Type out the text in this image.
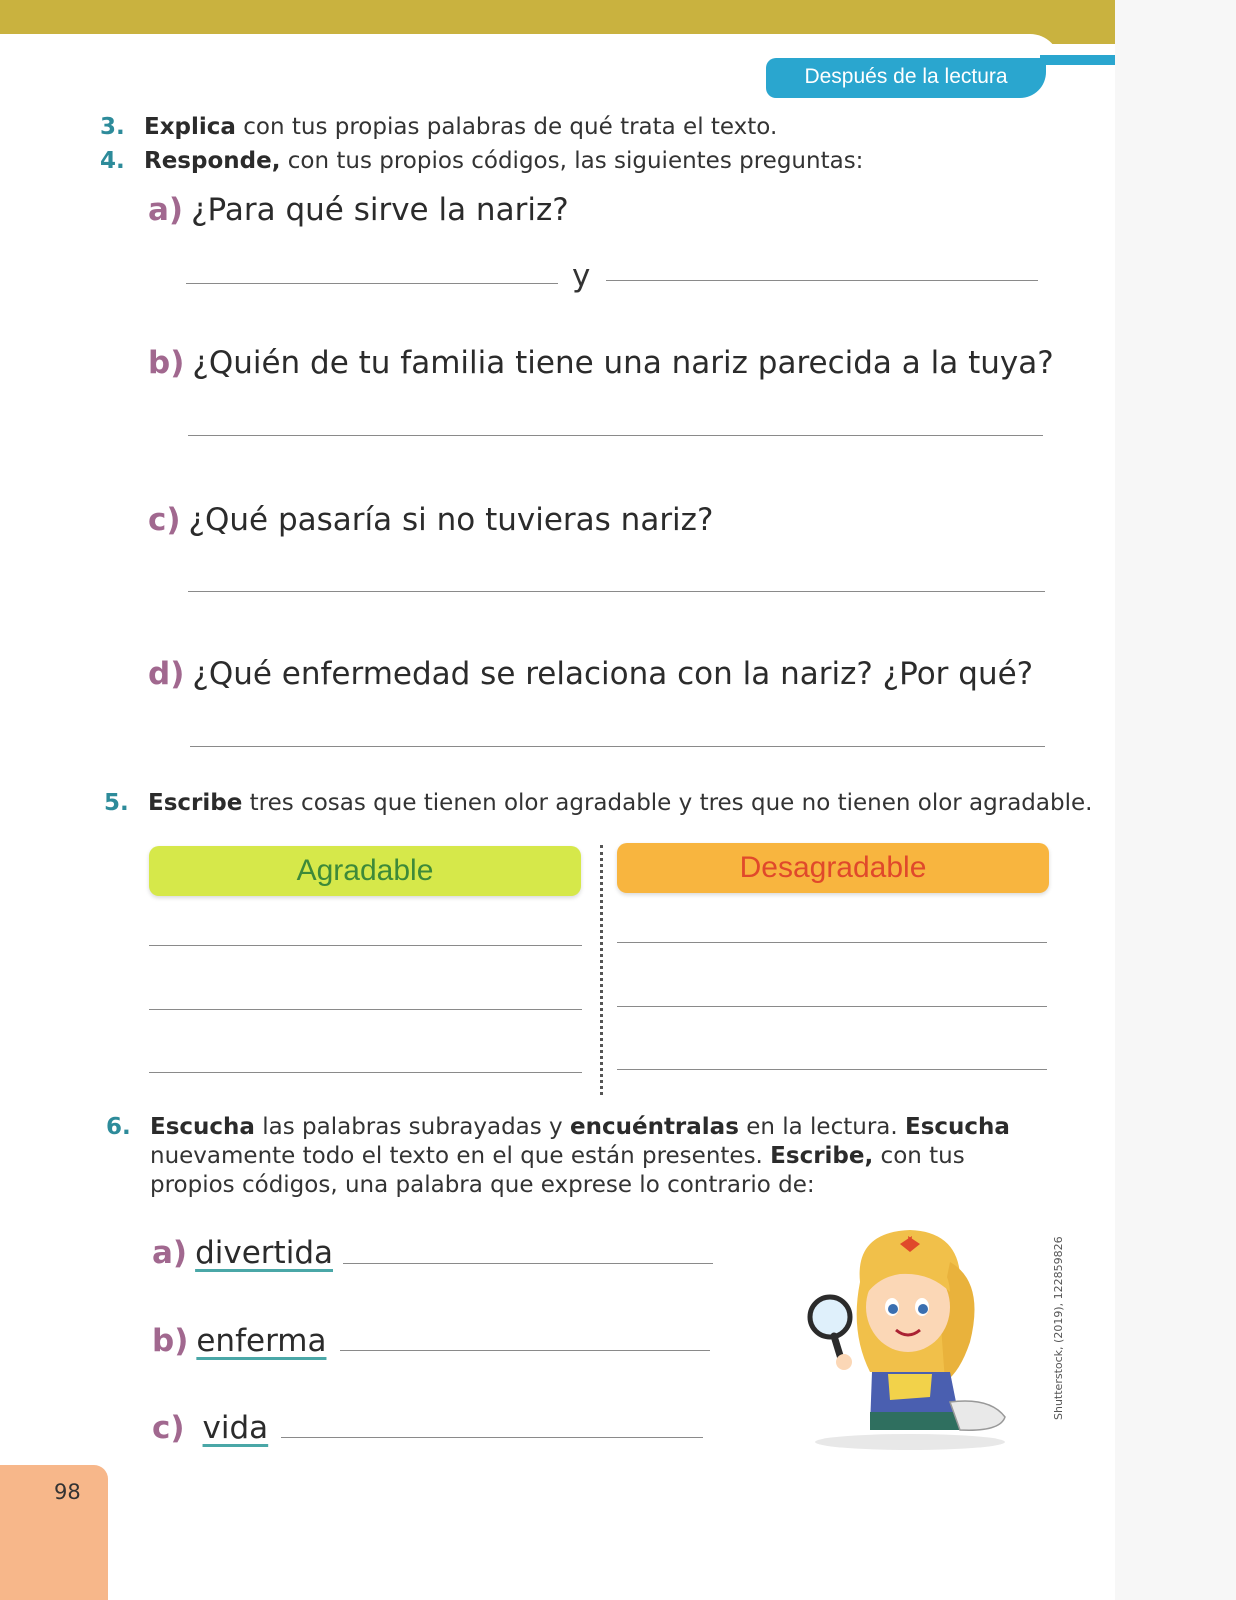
Después de la lectura
3. Explica con tus propias palabras de qué trata el texto.
4. Responde, con tus propios códigos, las siguientes preguntas:
a) ¿Para qué sirve la nariz?
y
b) ¿Quién de tu familia tiene una nariz parecida a la tuya?
c) ¿Qué pasaría si no tuvieras nariz?
d) ¿Qué enfermedad se relaciona con la nariz? ¿Por qué?
5. Escribe tres cosas que tienen olor agradable y tres que no tienen olor agradable.
Agradable	Desagradable
6. Escucha las palabras subrayadas y encuéntralas en la lectura. Escucha nuevamente todo el texto en el que están presentes. Escribe, con tus propios códigos, una palabra que exprese lo contrario de:
a) divertida
b) enferma
c) vida
Shutterstock, (2019), 122859826
98
